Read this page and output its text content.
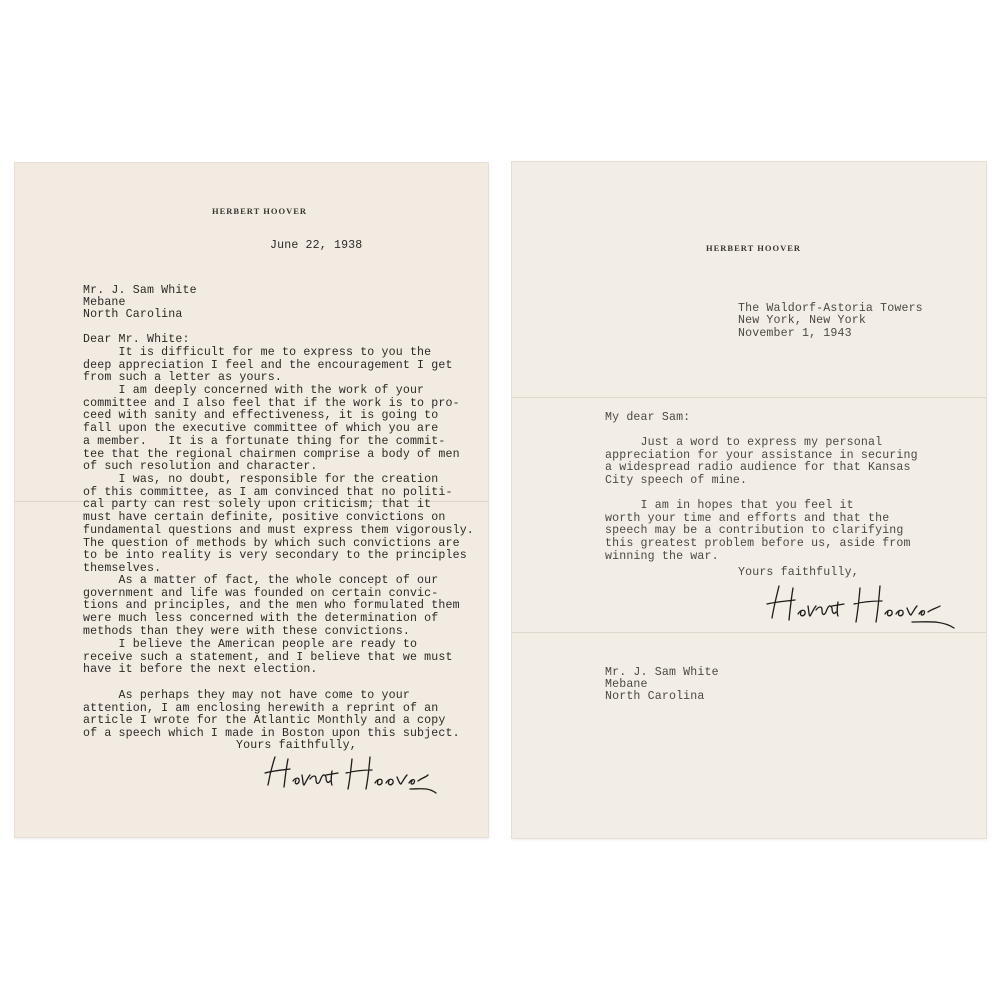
HERBERT HOOVER
June 22, 1938
Mr. J. Sam White
Mebane
North Carolina
Dear Mr. White:
It is difficult for me to express to you the
deep appreciation I feel and the encouragement I get
from such a letter as yours.
I am deeply concerned with the work of your
committee and I also feel that if the work is to pro-
ceed with sanity and effectiveness, it is going to
fall upon the executive committee of which you are
a member.   It is a fortunate thing for the commit-
tee that the regional chairmen comprise a body of men
of such resolution and character.
I was, no doubt, responsible for the creation
of this committee, as I am convinced that no politi-
cal party can rest solely upon criticism; that it
must have certain definite, positive convictions on
fundamental questions and must express them vigorously.
The question of methods by which such convictions are
to be into reality is very secondary to the principles
themselves.
As a matter of fact, the whole concept of our
government and life was founded on certain convic-
tions and principles, and the men who formulated them
were much less concerned with the determination of
methods than they were with these convictions.
I believe the American people are ready to
receive such a statement, and I believe that we must
have it before the next election.
As perhaps they may not have come to your
attention, I am enclosing herewith a reprint of an
article I wrote for the Atlantic Monthly and a copy
of a speech which I made in Boston upon this subject.
Yours faithfully,
HERBERT HOOVER
The Waldorf-Astoria Towers
New York, New York
November 1, 1943
My dear Sam:
Just a word to express my personal
appreciation for your assistance in securing
a widespread radio audience for that Kansas
City speech of mine.
I am in hopes that you feel it
worth your time and efforts and that the
speech may be a contribution to clarifying
this greatest problem before us, aside from
winning the war.
Yours faithfully,
Mr. J. Sam White
Mebane
North Carolina
